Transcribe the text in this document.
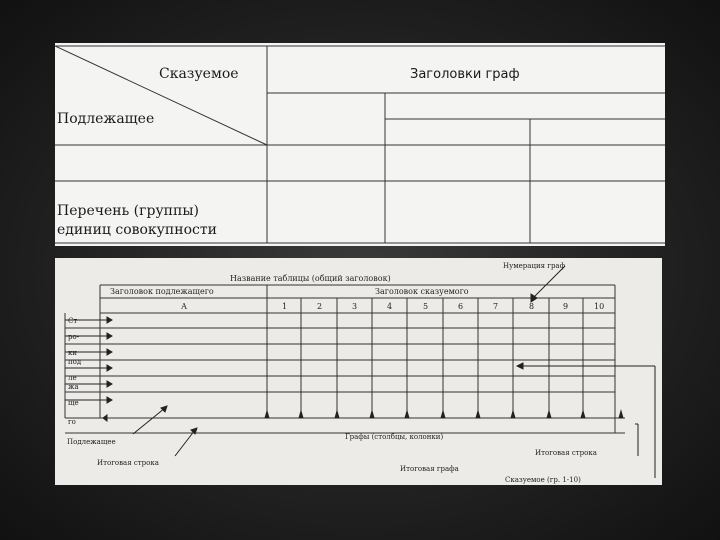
Сказуемое	Заголовки граф
Подлежащее
Перечень (группы)
единиц совокупности
Название таблицы (общий заголовок)
Нумерация граф
Заголовок подлежащего	Заголовок сказуемого
А	1	2	3	4	5	6	7	8	9	10
Ст
ро-
ки
под
ле
жа
ще
го
Подлежащее
Итоговая строка
Графы (столбцы, колонки)
Итоговая строка
Итоговая графа
Сказуемое (гр. 1-10)
